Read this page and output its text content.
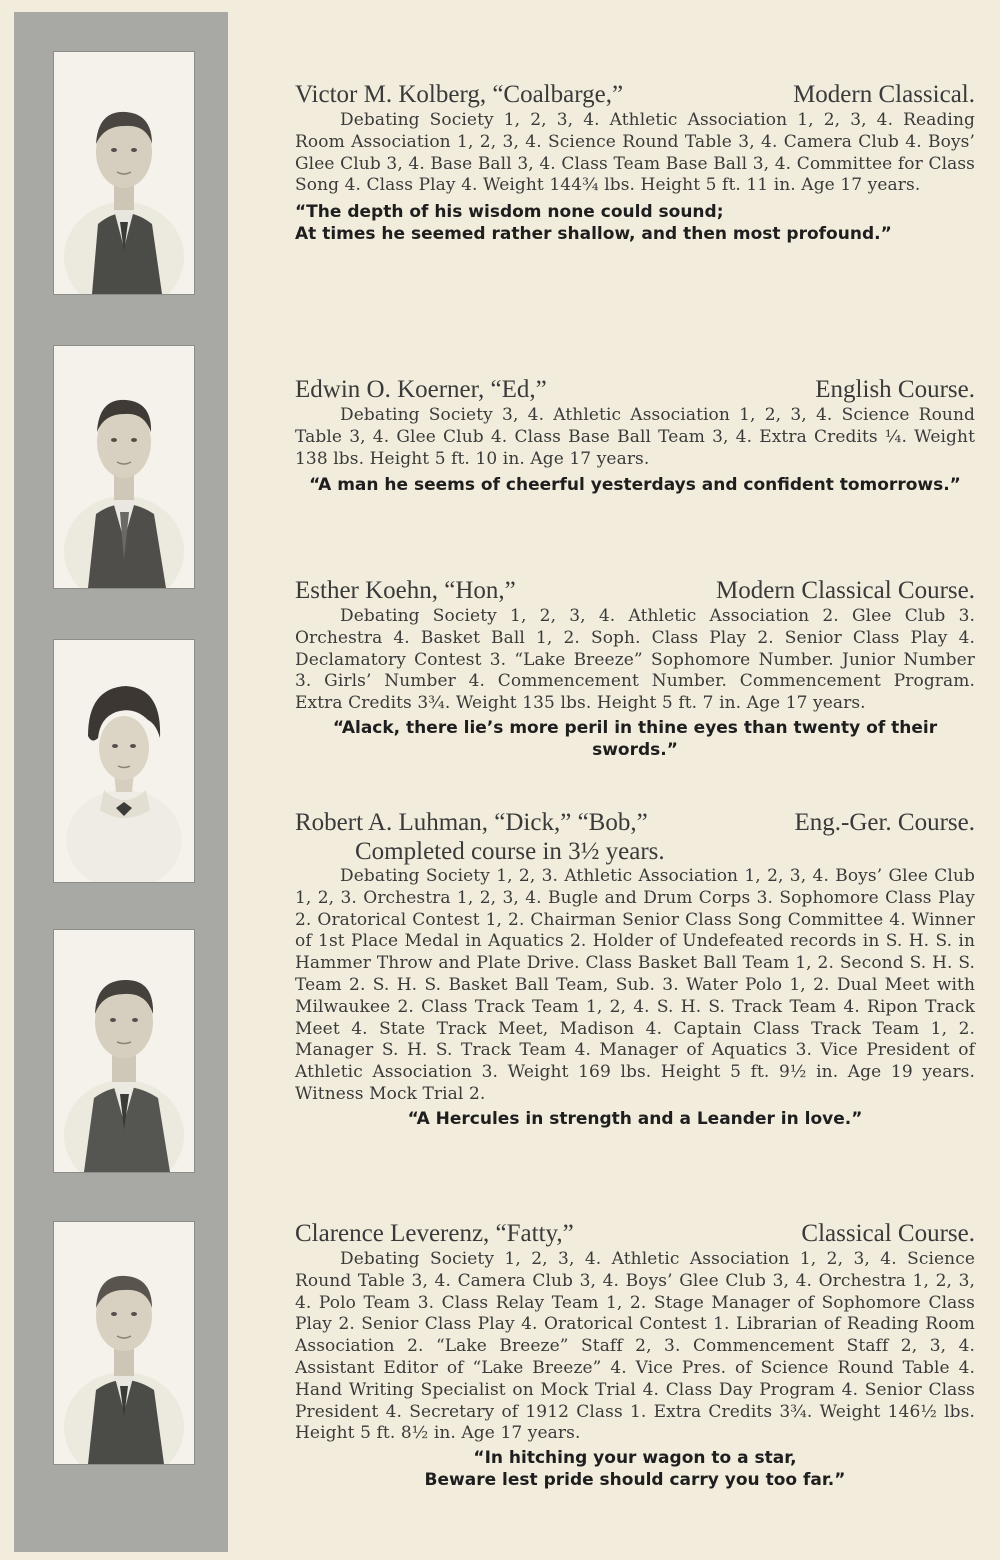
Victor M. Kolberg, “Coalbarge,”	Modern Classical.
Debating Society 1, 2, 3, 4. Athletic Association 1, 2, 3, 4. Reading Room Association 1, 2, 3, 4. Science Round Table 3, 4. Camera Club 4. Boys’ Glee Club 3, 4. Base Ball 3, 4. Class Team Base Ball 3, 4. Committee for Class Song 4. Class Play 4. Weight 144¾ lbs. Height 5 ft. 11 in. Age 17 years.
“The depth of his wisdom none could sound;
At times he seemed rather shallow, and then most profound.”
Edwin O. Koerner, “Ed,”	English Course.
Debating Society 3, 4. Athletic Association 1, 2, 3, 4. Science Round Table 3, 4. Glee Club 4. Class Base Ball Team 3, 4. Extra Credits ¼. Weight 138 lbs. Height 5 ft. 10 in. Age 17 years.
“A man he seems of cheerful yesterdays and confident tomorrows.”
Esther Koehn, “Hon,”	Modern Classical Course.
Debating Society 1, 2, 3, 4. Athletic Association 2. Glee Club 3. Orchestra 4. Basket Ball 1, 2. Soph. Class Play 2. Senior Class Play 4. Declamatory Contest 3. “Lake Breeze” Sophomore Number. Junior Number 3. Girls’ Number 4. Commencement Number. Commencement Program. Extra Credits 3¾. Weight 135 lbs. Height 5 ft. 7 in. Age 17 years.
“Alack, there lie’s more peril in thine eyes than twenty of their swords.”
Robert A. Luhman, “Dick,” “Bob,”	Eng.-Ger. Course.
Completed course in 3½ years.
Debating Society 1, 2, 3. Athletic Association 1, 2, 3, 4. Boys’ Glee Club 1, 2, 3. Orchestra 1, 2, 3, 4. Bugle and Drum Corps 3. Sophomore Class Play 2. Oratorical Contest 1, 2. Chairman Senior Class Song Committee 4. Winner of 1st Place Medal in Aquatics 2. Holder of Undefeated records in S. H. S. in Hammer Throw and Plate Drive. Class Basket Ball Team 1, 2. Second S. H. S. Team 2. S. H. S. Basket Ball Team, Sub. 3. Water Polo 1, 2. Dual Meet with Milwaukee 2. Class Track Team 1, 2, 4. S. H. S. Track Team 4. Ripon Track Meet 4. State Track Meet, Madison 4. Captain Class Track Team 1, 2. Manager S. H. S. Track Team 4. Manager of Aquatics 3. Vice President of Athletic Association 3. Weight 169 lbs. Height 5 ft. 9½ in. Age 19 years. Witness Mock Trial 2.
“A Hercules in strength and a Leander in love.”
Clarence Leverenz, “Fatty,”	Classical Course.
Debating Society 1, 2, 3, 4. Athletic Association 1, 2, 3, 4. Science Round Table 3, 4. Camera Club 3, 4. Boys’ Glee Club 3, 4. Orchestra 1, 2, 3, 4. Polo Team 3. Class Relay Team 1, 2. Stage Manager of Sophomore Class Play 2. Senior Class Play 4. Oratorical Contest 1. Librarian of Reading Room Association 2. “Lake Breeze” Staff 2, 3. Commencement Staff 2, 3, 4. Assistant Editor of “Lake Breeze” 4. Vice Pres. of Science Round Table 4. Hand Writing Specialist on Mock Trial 4. Class Day Program 4. Senior Class President 4. Secretary of 1912 Class 1. Extra Credits 3¾. Weight 146½ lbs. Height 5 ft. 8½ in. Age 17 years.
“In hitching your wagon to a star,
Beware lest pride should carry you too far.”
